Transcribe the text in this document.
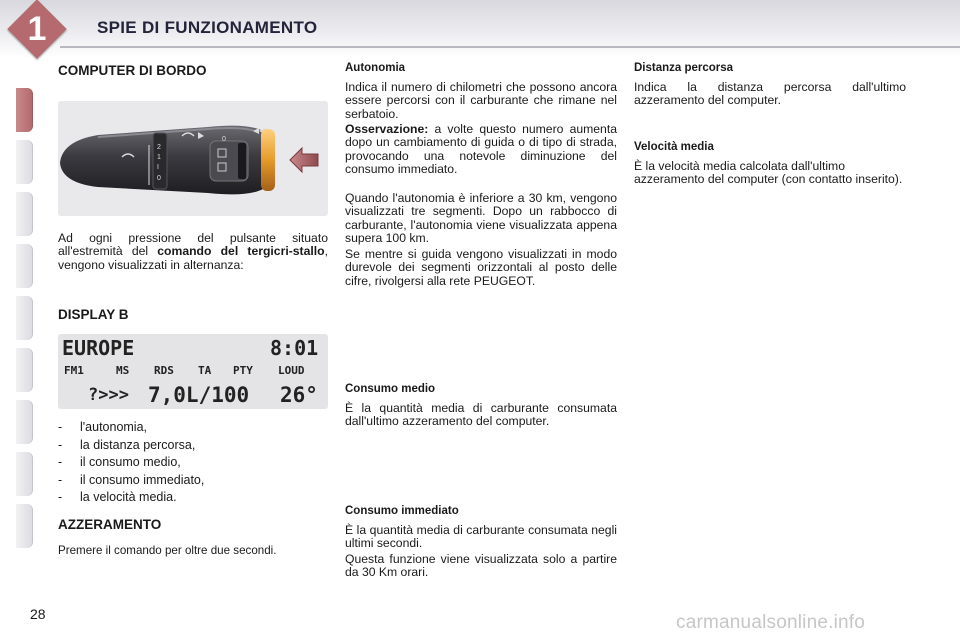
1	SPIE DI FUNZIONAMENTO
COMPUTER DI BORDO
2
1
I
0
0

Ad ogni pressione del pulsante situato all'estremità del comando del tergicri-stallo, vengono visualizzati in alternanza:

DISPLAY B
EUROPE	8:01
FM1	MS RDS TA PTY LOUD
?>>> 7,0L/100 26°
- l'autonomia,
- la distanza percorsa,
- il consumo medio,
- il consumo immediato,
- la velocità media.
AZZERAMENTO

Premere il comando per oltre due secondi.

Autonomia

Indica il numero di chilometri che possono ancora essere percorsi con il carburante che rimane nel serbatoio.

Osservazione: a volte questo numero aumenta dopo un cambiamento di guida o di tipo di strada, provocando una notevole diminuzione del consumo immediato.

Quando l'autonomia è inferiore a 30 km, vengono visualizzati tre segmenti. Dopo un rabbocco di carburante, l'autonomia viene visualizzata appena supera 100 km.

Se mentre si guida vengono visualizzati in modo durevole dei segmenti orizzontali al posto delle cifre, rivolgersi alla rete PEUGEOT.

Consumo medio

È la quantità media di carburante consumata dall'ultimo azzeramento del computer.

Consumo immediato

È la quantità media di carburante consumata negli ultimi secondi.

Questa funzione viene visualizzata solo a partire da 30 Km orari.

Distanza percorsa

Indica la distanza percorsa dall'ultimo azzeramento del computer.

Velocità media

È la velocità media calcolata dall'ultimo azzeramento del computer (con contatto inserito).

28	carmanualsonline.info
